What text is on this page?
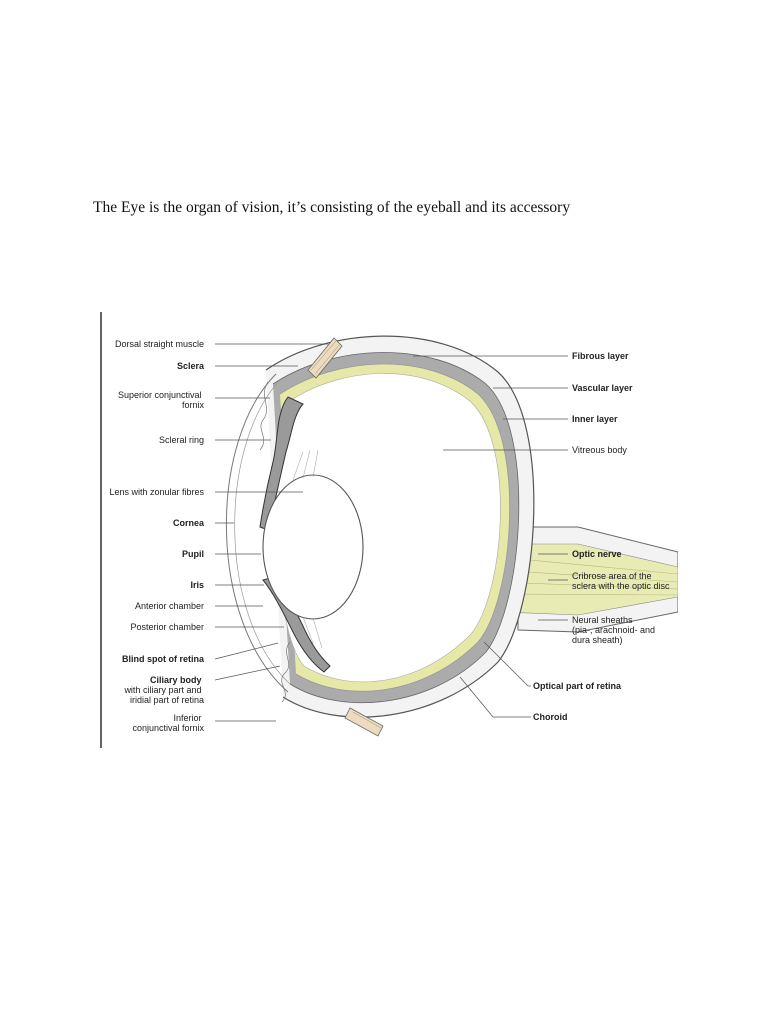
The Eye is the organ of vision, it’s consisting of the eyeball and its accessory
Dorsal straight muscle
Sclera
Superior conjunctival fornix
Scleral ring
Lens with zonular fibres
Cornea
Pupil
Iris
Anterior chamber
Posterior chamber
Blind spot of retina
Ciliary body with ciliary part and iridial part of retina
Inferior conjunctival fornix
Fibrous layer
Vascular layer
Inner layer
Vitreous body
Optic nerve
Cribrose area of the sclera with the optic disc
Neural sheaths (pia-, arachnoid- and dura sheath)
Optical part of retina
Choroid
